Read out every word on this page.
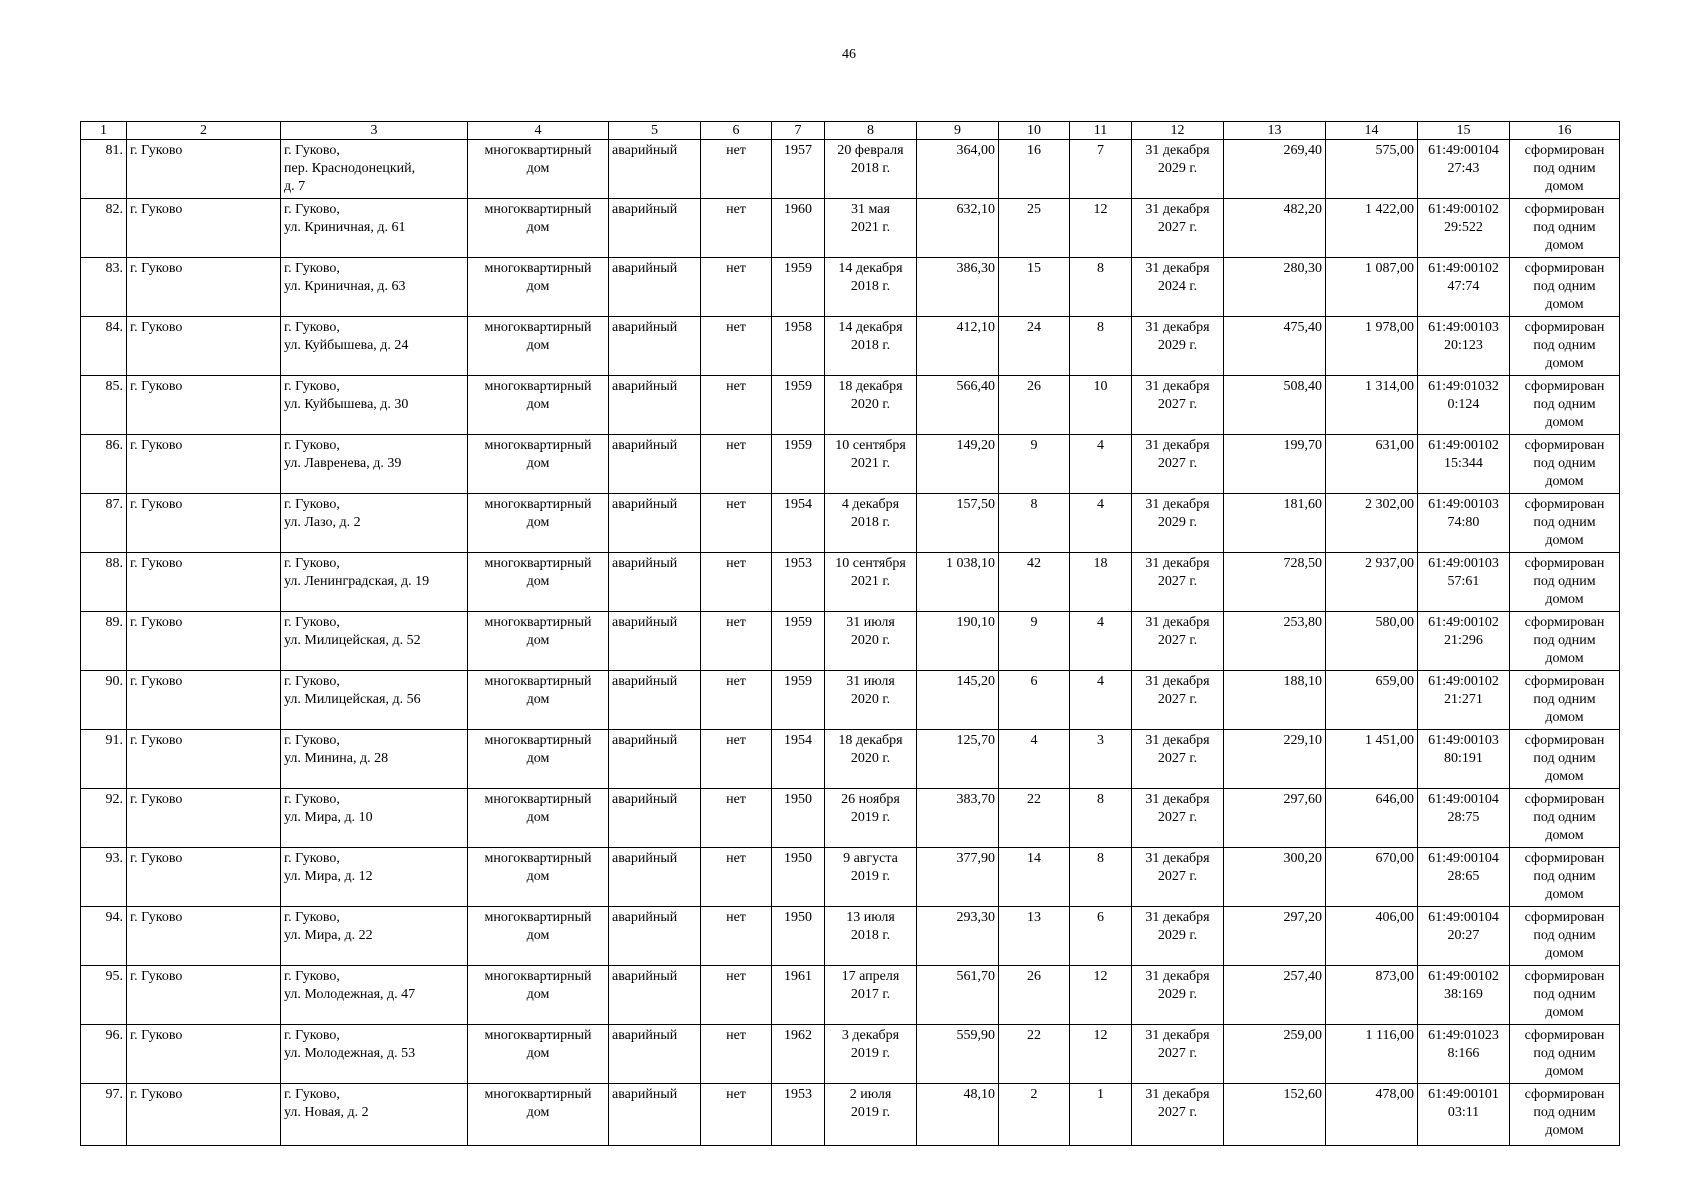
46
1	2	3	4	5	6	7	8	9	10	11	12	13	14	15	16
81.	г. Гуково	г. Гуково,
пер. Краснодонецкий,
д. 7	многоквартирный
дом	аварийный	нет	1957	20 февраля
2018 г.	364,00	16	7	31 декабря
2029 г.	269,40	575,00	61:49:00104
27:43	сформирован
под одним
домом
82.	г. Гуково	г. Гуково,
ул. Криничная, д. 61	многоквартирный
дом	аварийный	нет	1960	31 мая
2021 г.	632,10	25	12	31 декабря
2027 г.	482,20	1 422,00	61:49:00102
29:522	сформирован
под одним
домом
83.	г. Гуково	г. Гуково,
ул. Криничная, д. 63	многоквартирный
дом	аварийный	нет	1959	14 декабря
2018 г.	386,30	15	8	31 декабря
2024 г.	280,30	1 087,00	61:49:00102
47:74	сформирован
под одним
домом
84.	г. Гуково	г. Гуково,
ул. Куйбышева, д. 24	многоквартирный
дом	аварийный	нет	1958	14 декабря
2018 г.	412,10	24	8	31 декабря
2029 г.	475,40	1 978,00	61:49:00103
20:123	сформирован
под одним
домом
85.	г. Гуково	г. Гуково,
ул. Куйбышева, д. 30	многоквартирный
дом	аварийный	нет	1959	18 декабря
2020 г.	566,40	26	10	31 декабря
2027 г.	508,40	1 314,00	61:49:01032
0:124	сформирован
под одним
домом
86.	г. Гуково	г. Гуково,
ул. Лавренева, д. 39	многоквартирный
дом	аварийный	нет	1959	10 сентября
2021 г.	149,20	9	4	31 декабря
2027 г.	199,70	631,00	61:49:00102
15:344	сформирован
под одним
домом
87.	г. Гуково	г. Гуково,
ул. Лазо, д. 2	многоквартирный
дом	аварийный	нет	1954	4 декабря
2018 г.	157,50	8	4	31 декабря
2029 г.	181,60	2 302,00	61:49:00103
74:80	сформирован
под одним
домом
88.	г. Гуково	г. Гуково,
ул. Ленинградская, д. 19	многоквартирный
дом	аварийный	нет	1953	10 сентября
2021 г.	1 038,10	42	18	31 декабря
2027 г.	728,50	2 937,00	61:49:00103
57:61	сформирован
под одним
домом
89.	г. Гуково	г. Гуково,
ул. Милицейская, д. 52	многоквартирный
дом	аварийный	нет	1959	31 июля
2020 г.	190,10	9	4	31 декабря
2027 г.	253,80	580,00	61:49:00102
21:296	сформирован
под одним
домом
90.	г. Гуково	г. Гуково,
ул. Милицейская, д. 56	многоквартирный
дом	аварийный	нет	1959	31 июля
2020 г.	145,20	6	4	31 декабря
2027 г.	188,10	659,00	61:49:00102
21:271	сформирован
под одним
домом
91.	г. Гуково	г. Гуково,
ул. Минина, д. 28	многоквартирный
дом	аварийный	нет	1954	18 декабря
2020 г.	125,70	4	3	31 декабря
2027 г.	229,10	1 451,00	61:49:00103
80:191	сформирован
под одним
домом
92.	г. Гуково	г. Гуково,
ул. Мира, д. 10	многоквартирный
дом	аварийный	нет	1950	26 ноября
2019 г.	383,70	22	8	31 декабря
2027 г.	297,60	646,00	61:49:00104
28:75	сформирован
под одним
домом
93.	г. Гуково	г. Гуково,
ул. Мира, д. 12	многоквартирный
дом	аварийный	нет	1950	9 августа
2019 г.	377,90	14	8	31 декабря
2027 г.	300,20	670,00	61:49:00104
28:65	сформирован
под одним
домом
94.	г. Гуково	г. Гуково,
ул. Мира, д. 22	многоквартирный
дом	аварийный	нет	1950	13 июля
2018 г.	293,30	13	6	31 декабря
2029 г.	297,20	406,00	61:49:00104
20:27	сформирован
под одним
домом
95.	г. Гуково	г. Гуково,
ул. Молодежная, д. 47	многоквартирный
дом	аварийный	нет	1961	17 апреля
2017 г.	561,70	26	12	31 декабря
2029 г.	257,40	873,00	61:49:00102
38:169	сформирован
под одним
домом
96.	г. Гуково	г. Гуково,
ул. Молодежная, д. 53	многоквартирный
дом	аварийный	нет	1962	3 декабря
2019 г.	559,90	22	12	31 декабря
2027 г.	259,00	1 116,00	61:49:01023
8:166	сформирован
под одним
домом
97.	г. Гуково	г. Гуково,
ул. Новая, д. 2	многоквартирный
дом	аварийный	нет	1953	2 июля
2019 г.	48,10	2	1	31 декабря
2027 г.	152,60	478,00	61:49:00101
03:11	сформирован
под одним
домом
